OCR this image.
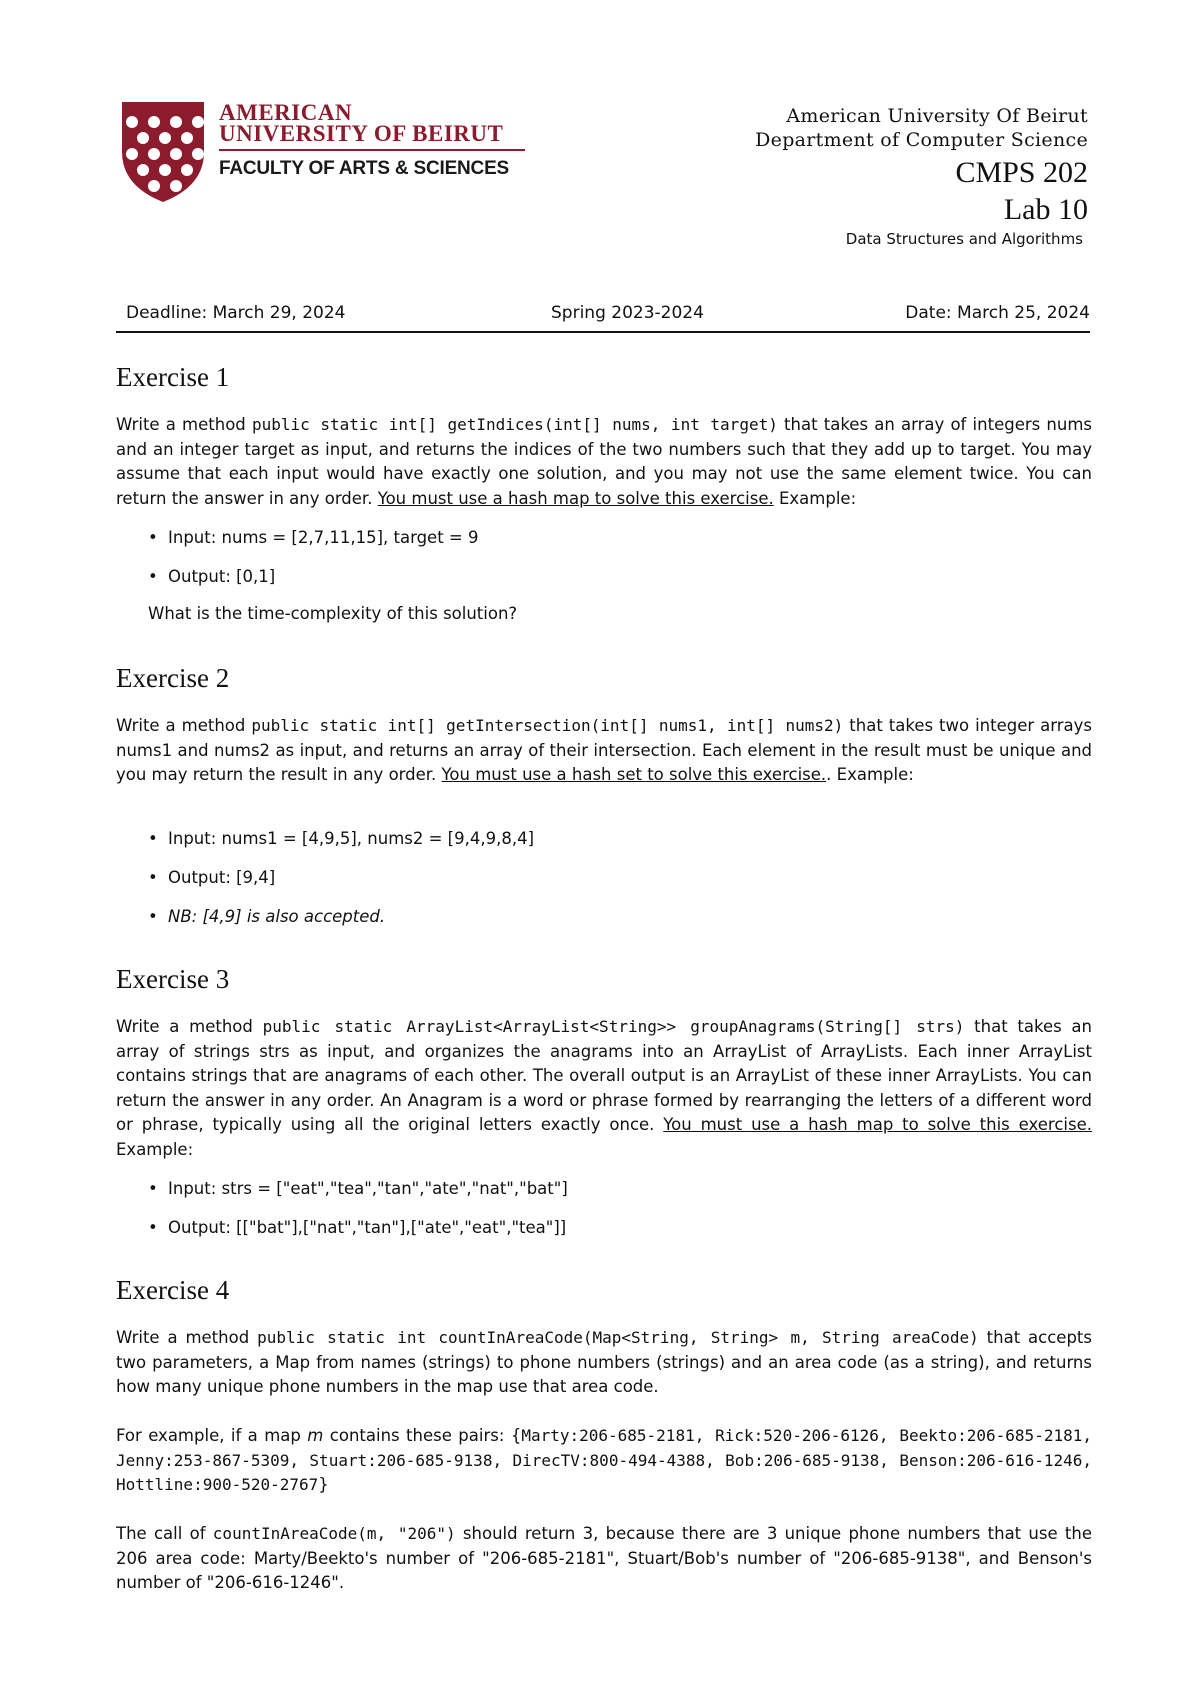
AMERICAN
UNIVERSITY OF BEIRUT
FACULTY OF ARTS & SCIENCES
American University Of Beirut
Department of Computer Science
CMPS 202
Lab 10
Data Structures and Algorithms
Deadline: March 29, 2024	Spring 2023-2024	Date: March 25, 2024
Exercise 1

Write a method public static int[] getIndices(int[] nums, int target) that takes an array of integers nums and an integer target as input, and returns the indices of the two numbers such that they add up to target. You may assume that each input would have exactly one solution, and you may not use the same element twice. You can return the answer in any order. You must use a hash map to solve this exercise. Example:

• Input: nums = [2,7,11,15], target = 9
• Output: [0,1]
What is the time-complexity of this solution?
Exercise 2

Write a method public static int[] getIntersection(int[] nums1, int[] nums2) that takes two integer arrays nums1 and nums2 as input, and returns an array of their intersection. Each element in the result must be unique and you may return the result in any order. You must use a hash set to solve this exercise.. Example:

• Input: nums1 = [4,9,5], nums2 = [9,4,9,8,4]
• Output: [9,4]
• NB: [4,9] is also accepted.
Exercise 3

Write a method public static ArrayList<ArrayList<String>> groupAnagrams(String[] strs) that takes an array of strings strs as input, and organizes the anagrams into an ArrayList of ArrayLists. Each inner ArrayList contains strings that are anagrams of each other. The overall output is an ArrayList of these inner ArrayLists. You can return the answer in any order. An Anagram is a word or phrase formed by rearranging the letters of a different word or phrase, typically using all the original letters exactly once. You must use a hash map to solve this exercise. Example:

• Input: strs = ["eat","tea","tan","ate","nat","bat"]
• Output: [["bat"],["nat","tan"],["ate","eat","tea"]]
Exercise 4

Write a method public static int countInAreaCode(Map<String, String> m, String areaCode) that accepts two parameters, a Map from names (strings) to phone numbers (strings) and an area code (as a string), and returns how many unique phone numbers in the map use that area code.

For example, if a map m contains these pairs: {Marty:206-685-2181, Rick:520-206-6126, Beekto:206-685-2181, Jenny:253-867-5309, Stuart:206-685-9138, DirecTV:800-494-4388, Bob:206-685-9138, Benson:206-616-1246, Hottline:900-520-2767}

The call of countInAreaCode(m, "206") should return 3, because there are 3 unique phone numbers that use the 206 area code: Marty/Beekto's number of "206-685-2181", Stuart/Bob's number of "206-685-9138", and Benson's number of "206-616-1246".
